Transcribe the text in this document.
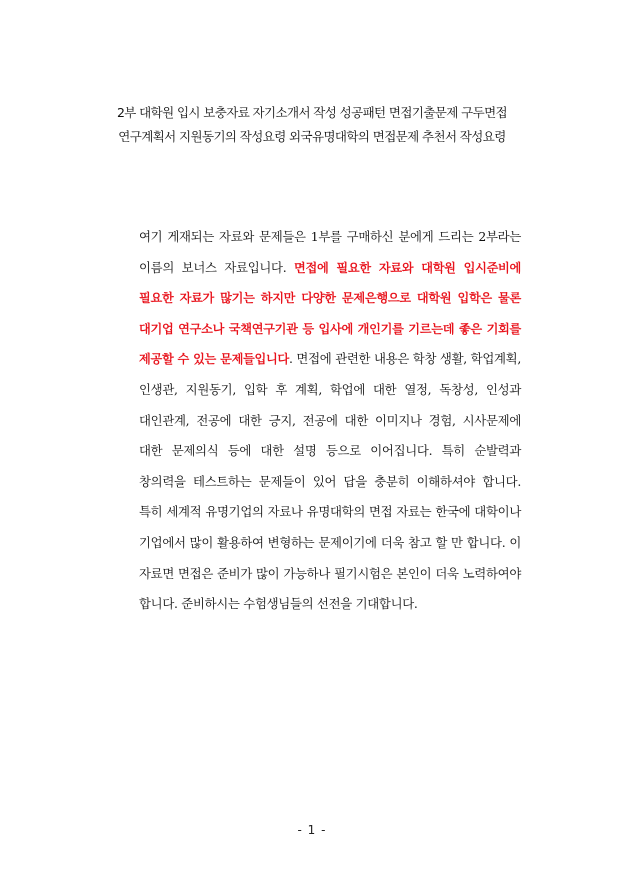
2부 대학원 입시 보충자료 자기소개서 작성 성공패턴 면접기출문제 구두면접
연구계획서 지원동기의 작성요령 외국유명대학의 면접문제 추천서 작성요령
여기 게재되는 자료와 문제들은 1부를 구매하신 분에게 드리는 2부라는 이름의 보너스 자료입니다. 면접에 필요한 자료와 대학원 입시준비에 필요한 자료가 많기는 하지만 다양한 문제은행으로 대학원 입학은 물론 대기업 연구소나 국책연구기관 등 입사에 개인기를 기르는데 좋은 기회를 제공할 수 있는 문제들입니다. 면접에 관련한 내용은 학창 생활, 학업계획, 인생관, 지원동기, 입학 후 계획, 학업에 대한 열정, 독창성, 인성과 대인관계, 전공에 대한 긍지, 전공에 대한 이미지나 경험, 시사문제에 대한 문제의식 등에 대한 설명 등으로 이어집니다. 특히 순발력과 창의력을 테스트하는 문제들이 있어 답을 충분히 이해하셔야 합니다. 특히 세계적 유명기업의 자료나 유명대학의 면접 자료는 한국에 대학이나 기업에서 많이 활용하여 변형하는 문제이기에 더욱 참고 할 만 합니다. 이 자료면 면접은 준비가 많이 가능하나 필기시험은 본인이 더욱 노력하여야 합니다. 준비하시는 수험생님들의 선전을 기대합니다.
- 1 -
